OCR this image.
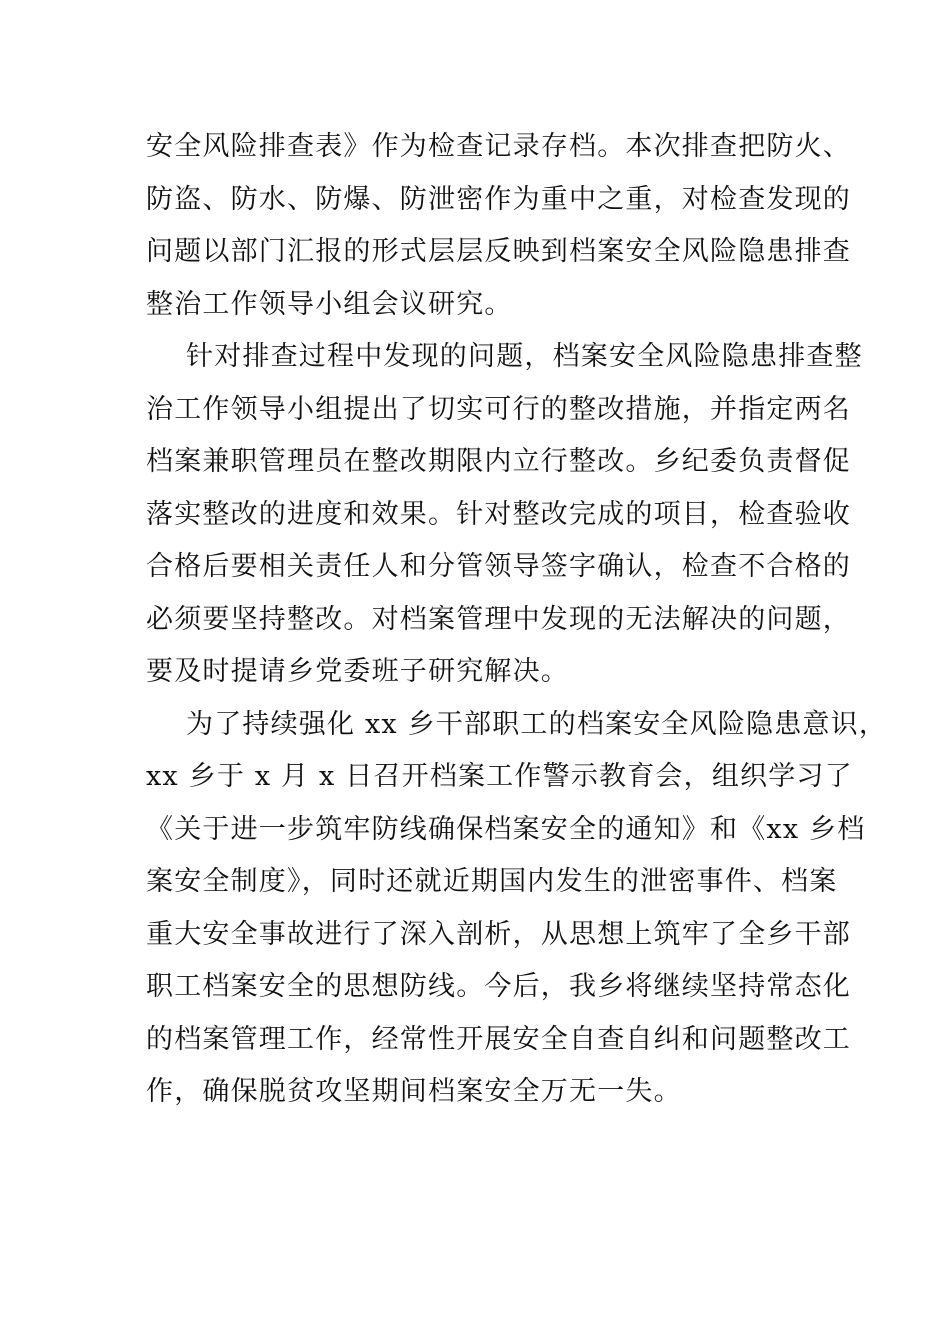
安全风险排查表》作为检查记录存档。本次排查把防火、
防盗、防水、防爆、防泄密作为重中之重，对检查发现的
问题以部门汇报的形式层层反映到档案安全风险隐患排查
整治工作领导小组会议研究。

针对排查过程中发现的问题，档案安全风险隐患排查整
治工作领导小组提出了切实可行的整改措施，并指定两名
档案兼职管理员在整改期限内立行整改。乡纪委负责督促
落实整改的进度和效果。针对整改完成的项目，检查验收
合格后要相关责任人和分管领导签字确认，检查不合格的
必须要坚持整改。对档案管理中发现的无法解决的问题，
要及时提请乡党委班子研究解决。

为了持续强化 xx 乡干部职工的档案安全风险隐患意识，
xx 乡于 x 月 x 日召开档案工作警示教育会，组织学习了
《关于进一步筑牢防线确保档案安全的通知》和《xx 乡档
案安全制度》，同时还就近期国内发生的泄密事件、档案
重大安全事故进行了深入剖析，从思想上筑牢了全乡干部
职工档案安全的思想防线。今后，我乡将继续坚持常态化
的档案管理工作，经常性开展安全自查自纠和问题整改工
作，确保脱贫攻坚期间档案安全万无一失。
